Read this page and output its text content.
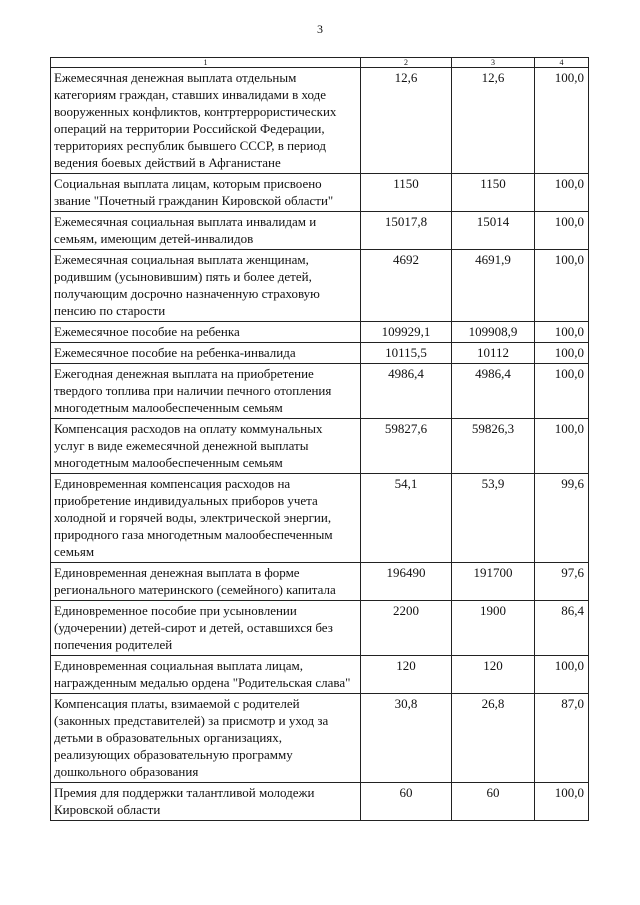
3
1	2	3	4
Ежемесячная денежная выплата отдельным категориям граждан, ставших инвалидами в ходе вооруженных конфликтов, контртеррористических операций на территории Российской Федерации, территориях республик бывшего СССР, в период ведения боевых действий в Афганистане	12,6	12,6	100,0
Социальная выплата лицам, которым присвоено звание "Почетный гражданин Кировской области"	1150	1150	100,0
Ежемесячная социальная выплата инвалидам и семьям, имеющим детей-инвалидов	15017,8	15014	100,0
Ежемесячная социальная выплата женщинам, родившим (усыновившим) пять и более детей, получающим досрочно назначенную страховую пенсию по старости	4692	4691,9	100,0
Ежемесячное пособие на ребенка	109929,1	109908,9	100,0
Ежемесячное пособие на ребенка-инвалида	10115,5	10112	100,0
Ежегодная денежная выплата на приобретение твердого топлива при наличии печного отопления многодетным малообеспеченным семьям	4986,4	4986,4	100,0
Компенсация расходов на оплату коммунальных услуг в виде ежемесячной денежной выплаты многодетным малообеспеченным семьям	59827,6	59826,3	100,0
Единовременная компенсация расходов на приобретение индивидуальных приборов учета холодной и горячей воды, электрической энергии, природного газа многодетным малообеспеченным семьям	54,1	53,9	99,6
Единовременная денежная выплата в форме регионального материнского (семейного) капитала	196490	191700	97,6
Единовременное пособие при усыновлении (удочерении) детей-сирот и детей, оставшихся без попечения родителей	2200	1900	86,4
Единовременная социальная выплата лицам, награжденным медалью ордена "Родительская слава"	120	120	100,0
Компенсация платы, взимаемой с родителей (законных представителей) за присмотр и уход за детьми в образовательных организациях, реализующих образовательную программу дошкольного образования	30,8	26,8	87,0
Премия для поддержки талантливой молодежи Кировской области	60	60	100,0
